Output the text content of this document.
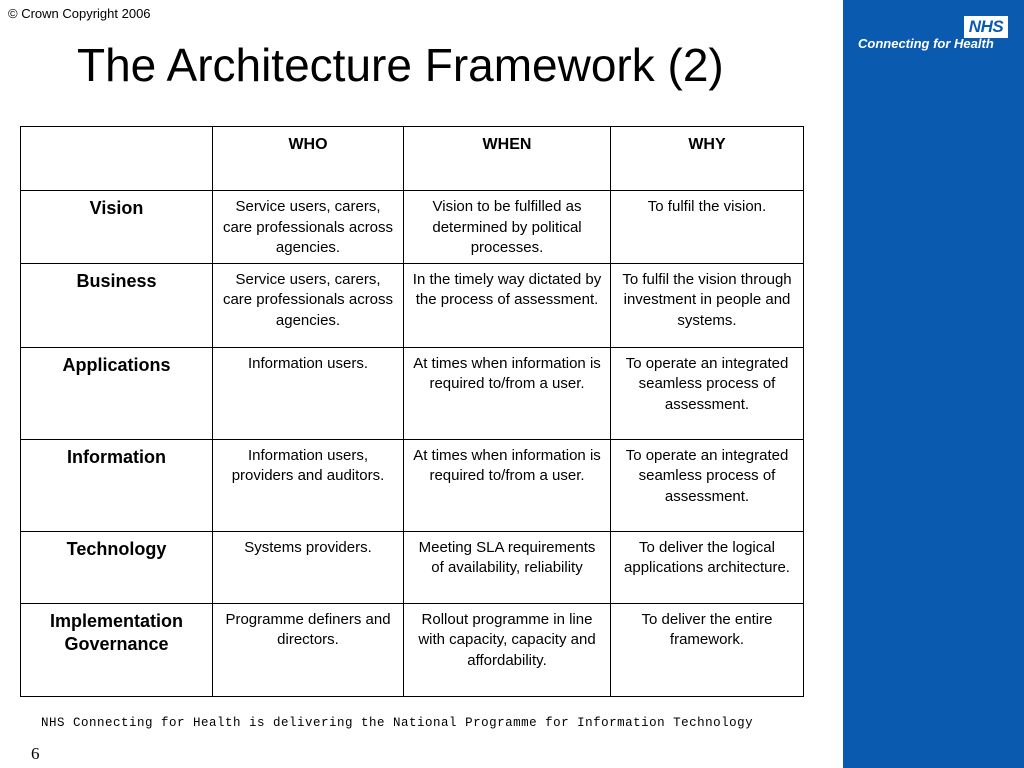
© Crown Copyright 2006
The Architecture Framework (2)
NHS
Connecting for Health
	WHO	WHEN	WHY
Vision	Service users, carers, care professionals across agencies.	Vision to be fulfilled as determined by political processes.	To fulfil the vision.
Business	Service users, carers, care professionals across agencies.	In the timely way dictated by the process of assessment.	To fulfil the vision through investment in people and systems.
Applications	Information users.	At times when information is required to/from a user.	To operate an integrated seamless process of assessment.
Information	Information users, providers and auditors.	At times when information is required to/from a user.	To operate an integrated seamless process of assessment.
Technology	Systems providers.	Meeting SLA requirements of availability, reliability	To deliver the logical applications architecture.
Implementation Governance	Programme definers and directors.	Rollout programme in line with capacity, capacity and affordability.	To deliver the entire framework.
NHS Connecting for Health is delivering the National Programme for Information Technology
6
